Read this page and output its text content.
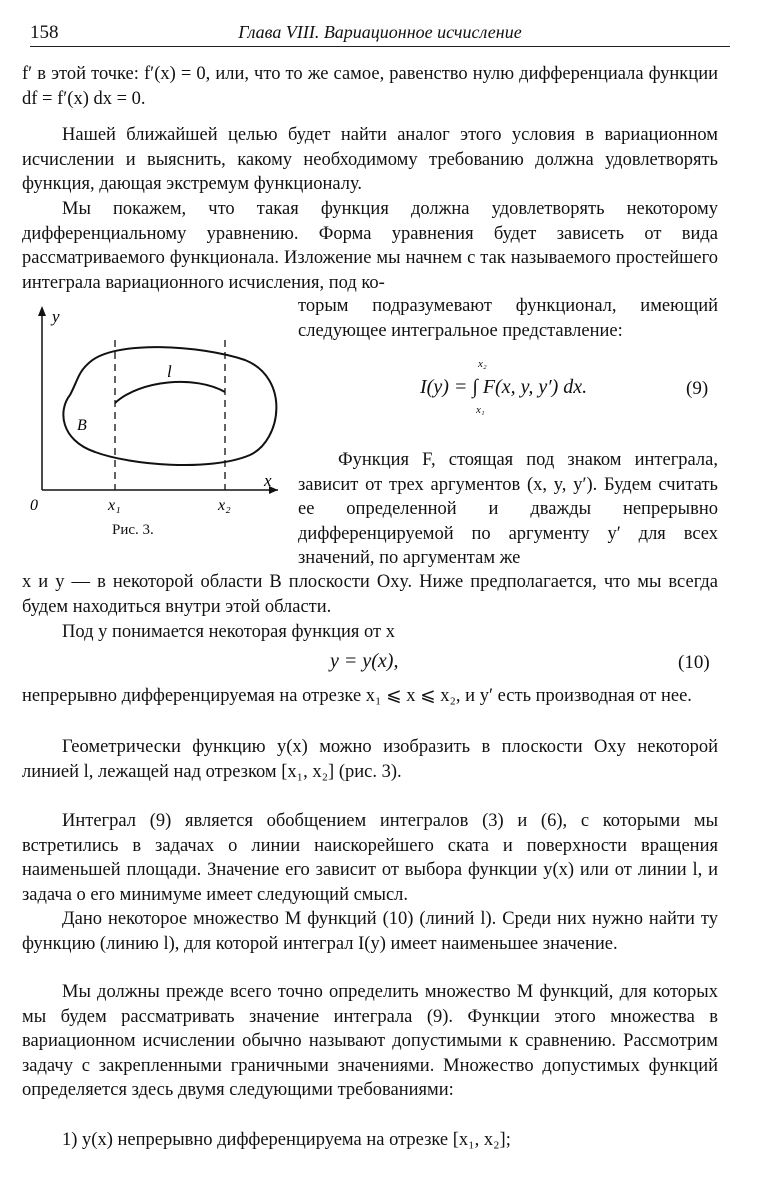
158	Глава VIII. Вариационное исчисление

f′ в этой точке: f′(x) = 0, или, что то же самое, равенство нулю дифференциала функции df = f′(x) dx = 0.

Нашей ближайшей целью будет найти аналог этого условия в вариационном исчислении и выяснить, какому необходимому требованию должна удовлетворять функция, дающая экстремум функционалу.

Мы покажем, что такая функция должна удовлетворять некоторому дифференциальному уравнению. Форма уравнения будет зависеть от вида рассматриваемого функционала. Изложение мы начнем с так называемого простейшего интеграла вариационного исчисления, под ко-

торым подразумевают функционал, имеющий следующее интегральное представление:

I(y) = ∫ F(x, y, y′) dx.
x₂
x₁
(9)

Функция F, стоящая под знаком интеграла, зависит от трех аргументов (x, y, y′). Будем считать ее определенной и дважды непрерывно дифференцируемой по аргументу y′ для всех значений, по аргументам же

x и y — в некоторой области B плоскости Oxy. Ниже предполагается, что мы всегда будем находиться внутри этой области.

Под y понимается некоторая функция от x

y = y(x),	(10)

непрерывно дифференцируемая на отрезке x₁ ⩽ x ⩽ x₂, и y′ есть производная от нее.

Геометрически функцию y(x) можно изобразить в плоскости Oxy некоторой линией l, лежащей над отрезком [x₁, x₂] (рис. 3).

Интеграл (9) является обобщением интегралов (3) и (6), с которыми мы встретились в задачах о линии наискорейшего ската и поверхности вращения наименьшей площади. Значение его зависит от выбора функции y(x) или от линии l, и задача о его минимуме имеет следующий смысл.

Дано некоторое множество M функций (10) (линий l). Среди них нужно найти ту функцию (линию l), для которой интеграл I(y) имеет наименьшее значение.

Мы должны прежде всего точно определить множество M функций, для которых мы будем рассматривать значение интеграла (9). Функции этого множества в вариационном исчислении обычно называют допустимыми к сравнению. Рассмотрим задачу с закрепленными граничными значениями. Множество допустимых функций определяется здесь двумя следующими требованиями:

1) y(x) непрерывно дифференцируема на отрезке [x₁, x₂];

y
x
0	x₁	x₂
l
B
Рис. 3.
